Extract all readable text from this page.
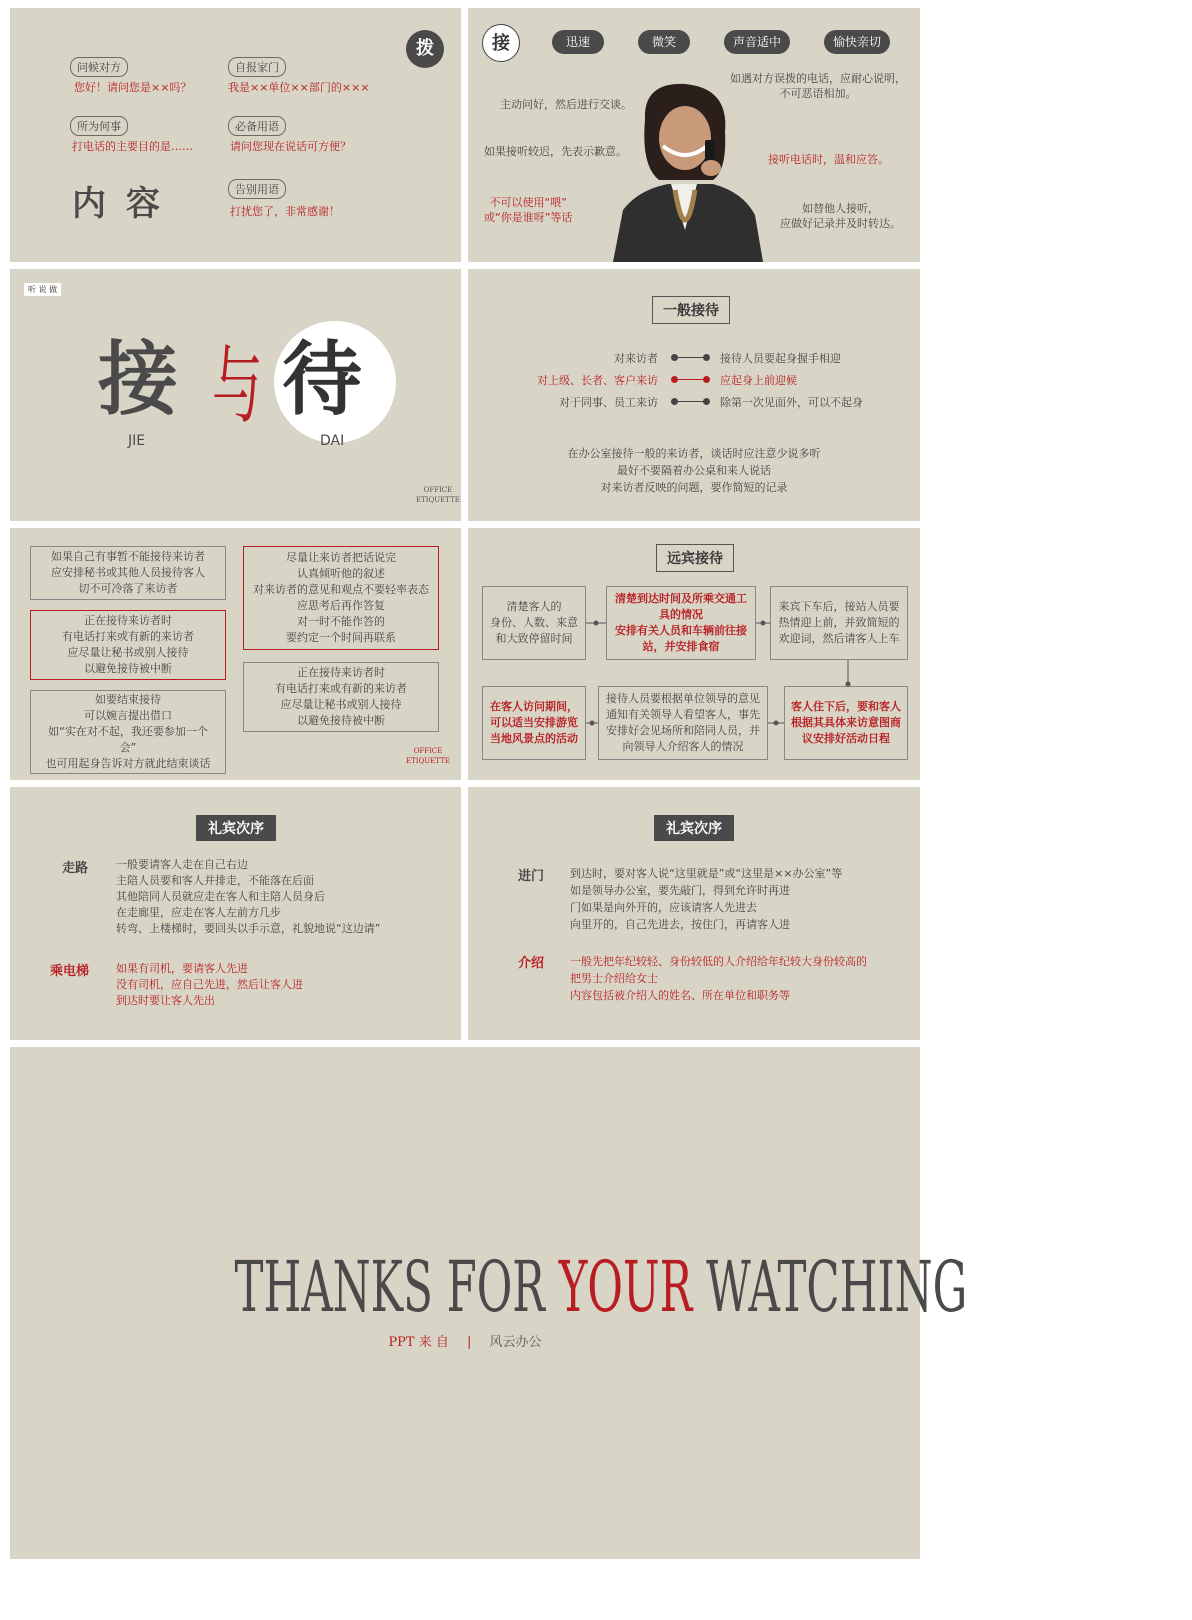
拨
内 容
问候对方
您好！请问您是××吗？
自报家门
我是××单位××部门的×××
所为何事
打电话的主要目的是……
必备用语
请问您现在说话可方便？
告别用语
打扰您了，非常感谢！
接	迅速	微笑	声音适中	愉快亲切
主动问好，然后进行交谈。
如果接听较迟，先表示歉意。
不可以使用“喂”
或“你是谁呀”等话
如遇对方误拨的电话，应耐心说明，
不可恶语相加。
接听电话时，温和应答。
如替他人接听，
应做好记录并及时转达。
听 说 做
接 与 待
JIE	DAI
OFFICE
ETIQUETTE
一般接待
对来访者	接待人员要起身握手相迎
对上级、长者、客户来访	应起身上前迎候
对于同事、员工来访	除第一次见面外，可以不起身
在办公室接待一般的来访者，谈话时应注意少说多听
最好不要隔着办公桌和来人说话
对来访者反映的问题，要作简短的记录
如果自己有事暂不能接待来访者
应安排秘书或其他人员接待客人
切不可冷落了来访者
正在接待来访者时
有电话打来或有新的来访者
应尽量让秘书或别人接待
以避免接待被中断
如要结束接待
可以婉言提出借口
如“实在对不起，我还要参加一个
会”
也可用起身告诉对方就此结束谈话
尽量让来访者把话说完
认真倾听他的叙述
对来访者的意见和观点不要轻率表态
应思考后再作答复
对一时不能作答的
要约定一个时间再联系
正在接待来访者时
有电话打来或有新的来访者
应尽量让秘书或别人接待
以避免接待被中断
OFFICE
ETIQUETTE
远宾接待
清楚客人的
身份、人数、来意
和大致停留时间
清楚到达时间及所乘交通工
具的情况
安排有关人员和车辆前往接
站，并安排食宿
来宾下车后，接站人员要
热情迎上前，并致简短的
欢迎词，然后请客人上车
在客人访问期间，
可以适当安排游览
当地风景点的活动
接待人员要根据单位领导的意见
通知有关领导人看望客人，事先
安排好会见场所和陪同人员，并
向领导人介绍客人的情况
客人住下后，要和客人
根据其具体来访意图商
议安排好活动日程
礼宾次序
走路	一般要请客人走在自己右边
主陪人员要和客人并排走，不能落在后面
其他陪同人员就应走在客人和主陪人员身后
在走廊里，应走在客人左前方几步
转弯、上楼梯时，要回头以手示意，礼貌地说“这边请”
乘电梯 如果有司机，要请客人先进
没有司机，应自己先进，然后让客人进
到达时要让客人先出
礼宾次序
进门 到达时，要对客人说“这里就是”或“这里是××办公室”等
如是领导办公室，要先敲门，得到允许时再进
门如果是向外开的，应该请客人先进去
向里开的，自己先进去，按住门，再请客人进
介绍 一般先把年纪较轻、身份较低的人介绍给年纪较大身份较高的
把男士介绍给女士
内容包括被介绍人的姓名、所在单位和职务等
THANKS FOR YOUR WATCHING
PPT 来 自 | 风云办公
